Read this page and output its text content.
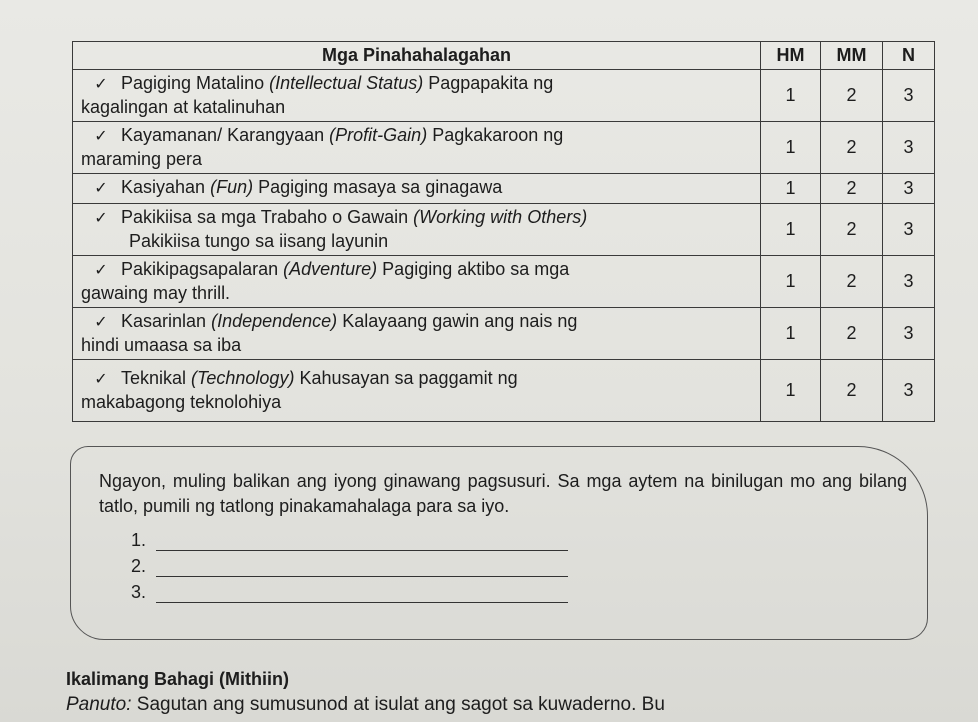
Mga Pinahahalagahan	HM	MM	N
✓ Pagiging Matalino (Intellectual Status) Pagpapakita ng
kagalingan at katalinuhan	1	2	3
✓ Kayamanan/ Karangyaan (Profit-Gain) Pagkakaroon ng
maraming pera	1	2	3
✓ Kasiyahan (Fun) Pagiging masaya sa ginagawa	1	2	3
✓ Pakikiisa sa mga Trabaho o Gawain (Working with Others)
Pakikiisa tungo sa iisang layunin	1	2	3
✓ Pakikipagsapalaran (Adventure) Pagiging aktibo sa mga
gawaing may thrill.	1	2	3
✓ Kasarinlan (Independence) Kalayaang gawin ang nais ng
hindi umaasa sa iba	1	2	3
✓ Teknikal (Technology) Kahusayan sa paggamit ng
makabagong teknolohiya	1	2	3
Ngayon, muling balikan ang iyong ginawang pagsusuri. Sa mga aytem na binilugan mo ang bilang tatlo, pumili ng tatlong pinakamahalaga para sa iyo.
1.
2.
3.
Ikalimang Bahagi (Mithiin)
Panuto: Sagutan ang sumusunod at isulat ang sagot sa kuwaderno. Bu
